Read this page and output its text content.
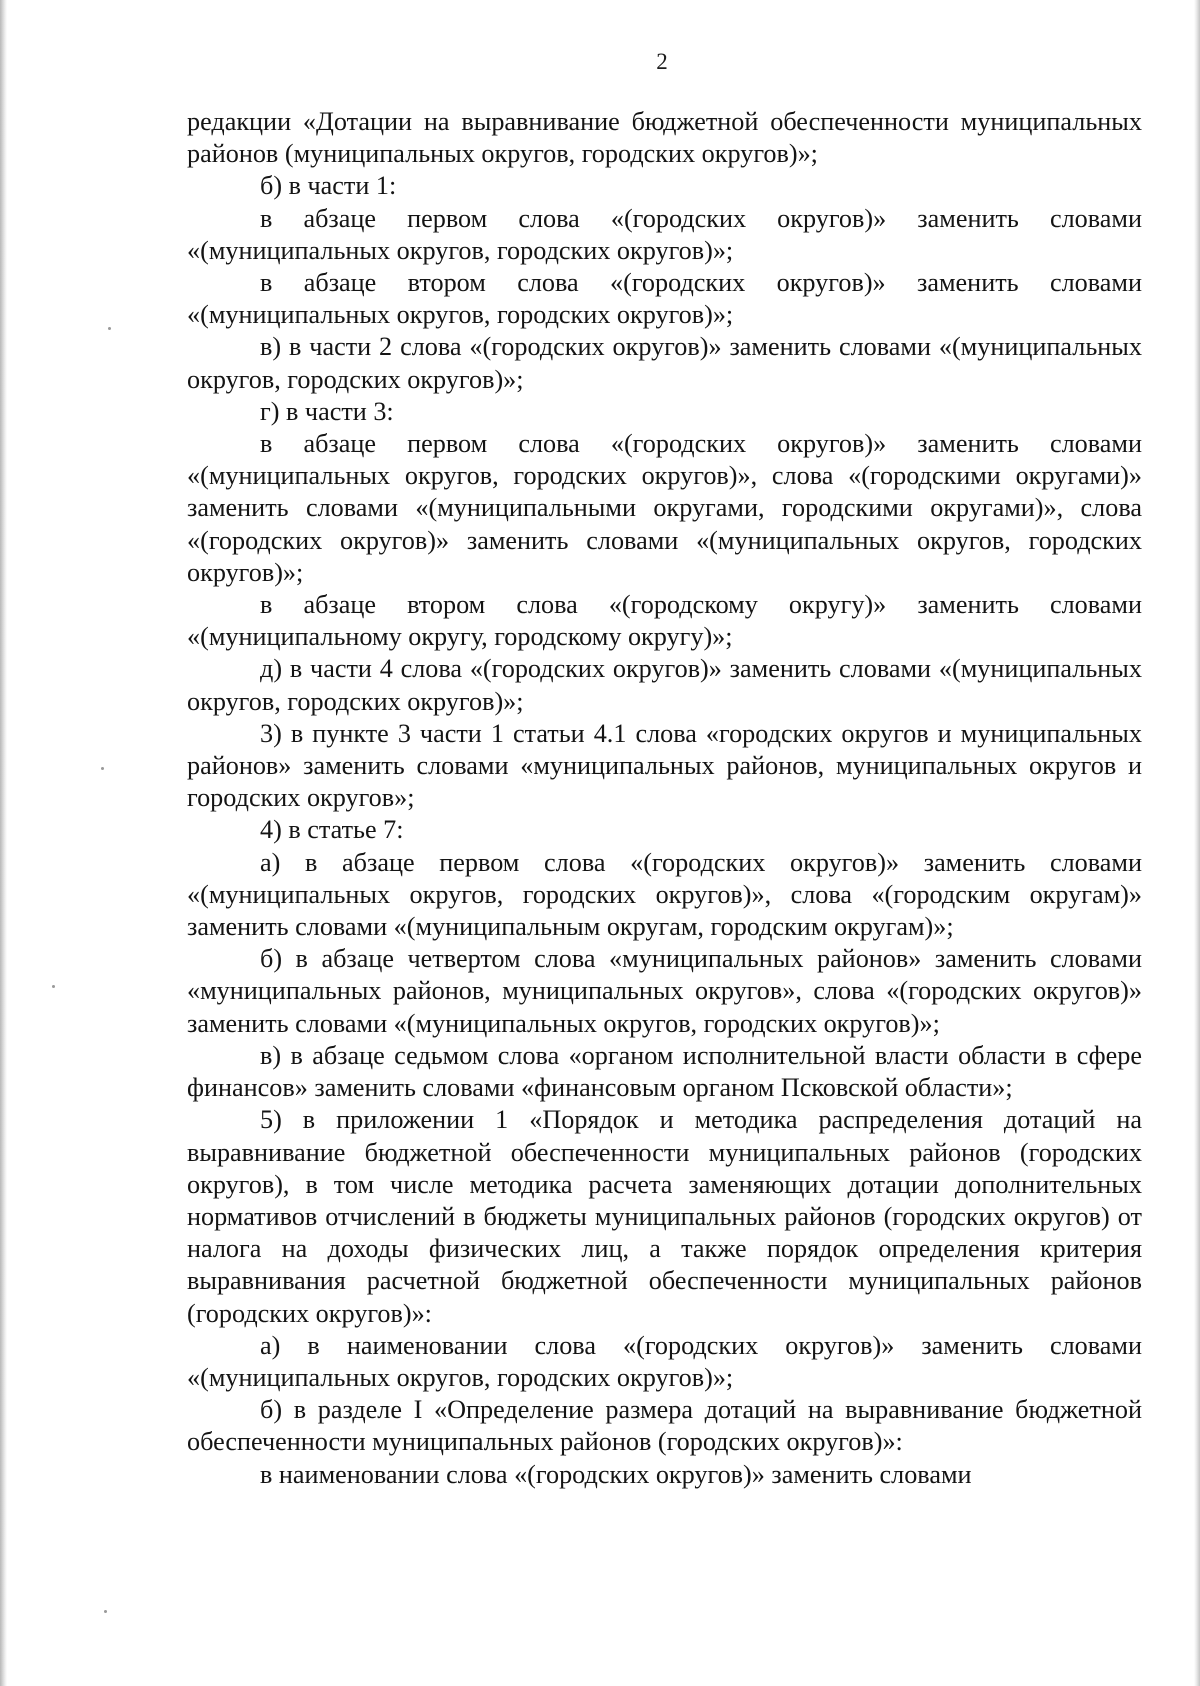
2

редакции «Дотации на выравнивание бюджетной обеспеченности муниципальных районов (муниципальных округов, городских округов)»;

б) в части 1:

в абзаце первом слова «(городских округов)» заменить словами «(муниципальных округов, городских округов)»;

в абзаце втором слова «(городских округов)» заменить словами «(муниципальных округов, городских округов)»;

в) в части 2 слова «(городских округов)» заменить словами «(муниципальных округов, городских округов)»;

г) в части 3:

в абзаце первом слова «(городских округов)» заменить словами «(муниципальных округов, городских округов)», слова «(городскими округами)» заменить словами «(муниципальными округами, городскими округами)», слова «(городских округов)» заменить словами «(муниципальных округов, городских округов)»;

в абзаце втором слова «(городскому округу)» заменить словами «(муниципальному округу, городскому округу)»;

д) в части 4 слова «(городских округов)» заменить словами «(муниципальных округов, городских округов)»;

3) в пункте 3 части 1 статьи 4.1 слова «городских округов и муниципальных районов» заменить словами «муниципальных районов, муниципальных округов и городских округов»;

4) в статье 7:

а) в абзаце первом слова «(городских округов)» заменить словами «(муниципальных округов, городских округов)», слова «(городским округам)» заменить словами «(муниципальным округам, городским округам)»;

б) в абзаце четвертом слова «муниципальных районов» заменить словами «муниципальных районов, муниципальных округов», слова «(городских округов)» заменить словами «(муниципальных округов, городских округов)»;

в) в абзаце седьмом слова «органом исполнительной власти области в сфере финансов» заменить словами «финансовым органом Псковской области»;

5) в приложении 1 «Порядок и методика распределения дотаций на выравнивание бюджетной обеспеченности муниципальных районов (городских округов), в том числе методика расчета заменяющих дотации дополнительных нормативов отчислений в бюджеты муниципальных районов (городских округов) от налога на доходы физических лиц, а также порядок определения критерия выравнивания расчетной бюджетной обеспеченности муниципальных районов (городских округов)»:

а) в наименовании слова «(городских округов)» заменить словами «(муниципальных округов, городских округов)»;

б) в разделе I «Определение размера дотаций на выравнивание бюджетной обеспеченности муниципальных районов (городских округов)»:

в наименовании слова «(городских округов)» заменить словами
